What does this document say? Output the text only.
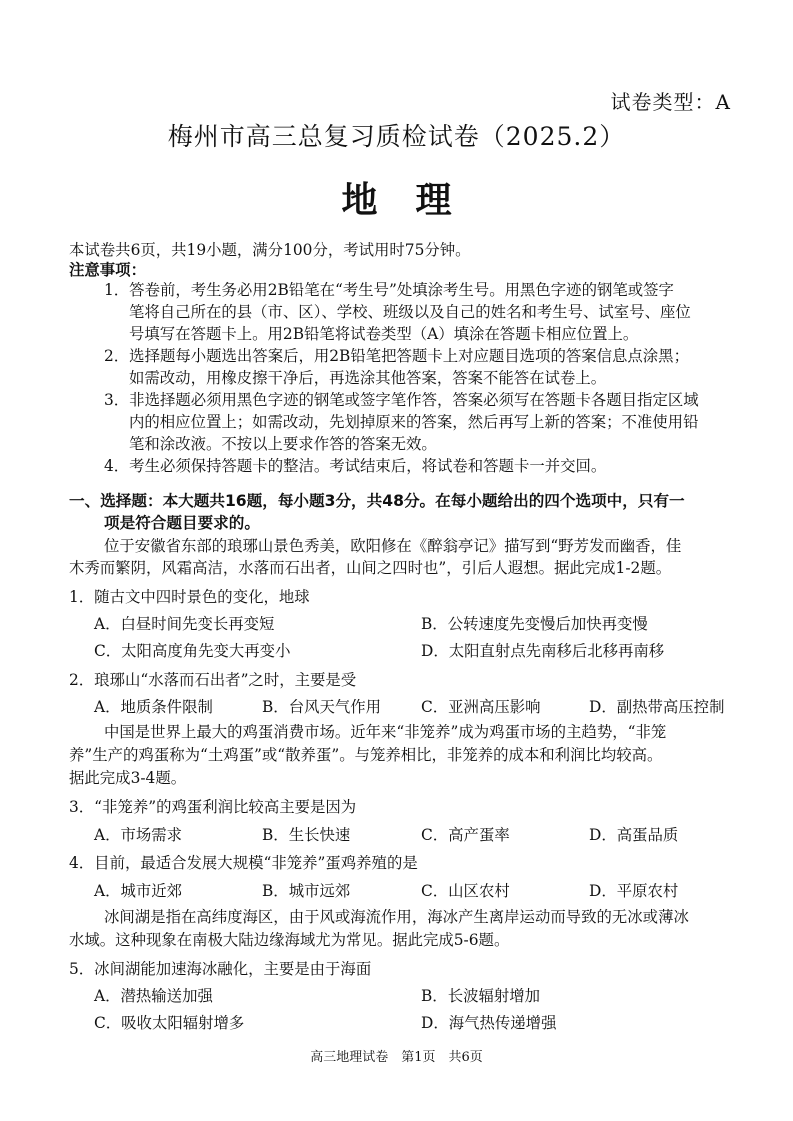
试卷类型：A
梅州市高三总复习质检试卷（2025.2）
地理
本试卷共6页，共19小题，满分100分，考试用时75分钟。
注意事项：
1．答卷前，考生务必用2B铅笔在“考生号”处填涂考生号。用黑色字迹的钢笔或签字
笔将自己所在的县（市、区）、学校、班级以及自己的姓名和考生号、试室号、座位
号填写在答题卡上。用2B铅笔将试卷类型（A）填涂在答题卡相应位置上。
2．选择题每小题选出答案后，用2B铅笔把答题卡上对应题目选项的答案信息点涂黑；
如需改动，用橡皮擦干净后，再选涂其他答案，答案不能答在试卷上。
3．非选择题必须用黑色字迹的钢笔或签字笔作答，答案必须写在答题卡各题目指定区域
内的相应位置上；如需改动，先划掉原来的答案，然后再写上新的答案；不准使用铅
笔和涂改液。不按以上要求作答的答案无效。
4．考生必须保持答题卡的整洁。考试结束后，将试卷和答题卡一并交回。
一、选择题：本大题共16题，每小题3分，共48分。在每小题给出的四个选项中，只有一
项是符合题目要求的。
位于安徽省东部的琅琊山景色秀美，欧阳修在《醉翁亭记》描写到“野芳发而幽香，佳
木秀而繁阴，风霜高洁，水落而石出者，山间之四时也”，引后人遐想。据此完成1-2题。
1．随古文中四时景色的变化，地球
A．白昼时间先变长再变短	B．公转速度先变慢后加快再变慢
C．太阳高度角先变大再变小	D．太阳直射点先南移后北移再南移
2．琅琊山“水落而石出者”之时，主要是受
A．地质条件限制	B．台风天气作用	C．亚洲高压影响	D．副热带高压控制
中国是世界上最大的鸡蛋消费市场。近年来“非笼养”成为鸡蛋市场的主趋势，“非笼
养”生产的鸡蛋称为“土鸡蛋”或“散养蛋”。与笼养相比，非笼养的成本和利润比均较高。
据此完成3-4题。
3．“非笼养”的鸡蛋利润比较高主要是因为
A．市场需求	B．生长快速	C．高产蛋率	D．高蛋品质
4．目前，最适合发展大规模“非笼养”蛋鸡养殖的是
A．城市近郊	B．城市远郊	C．山区农村	D．平原农村
冰间湖是指在高纬度海区，由于风或海流作用，海冰产生离岸运动而导致的无冰或薄冰
水域。这种现象在南极大陆边缘海域尤为常见。据此完成5-6题。
5．冰间湖能加速海冰融化，主要是由于海面
A．潜热输送加强	B．长波辐射增加
C．吸收太阳辐射增多	D．海气热传递增强
高三地理试卷　第1页　共6页
